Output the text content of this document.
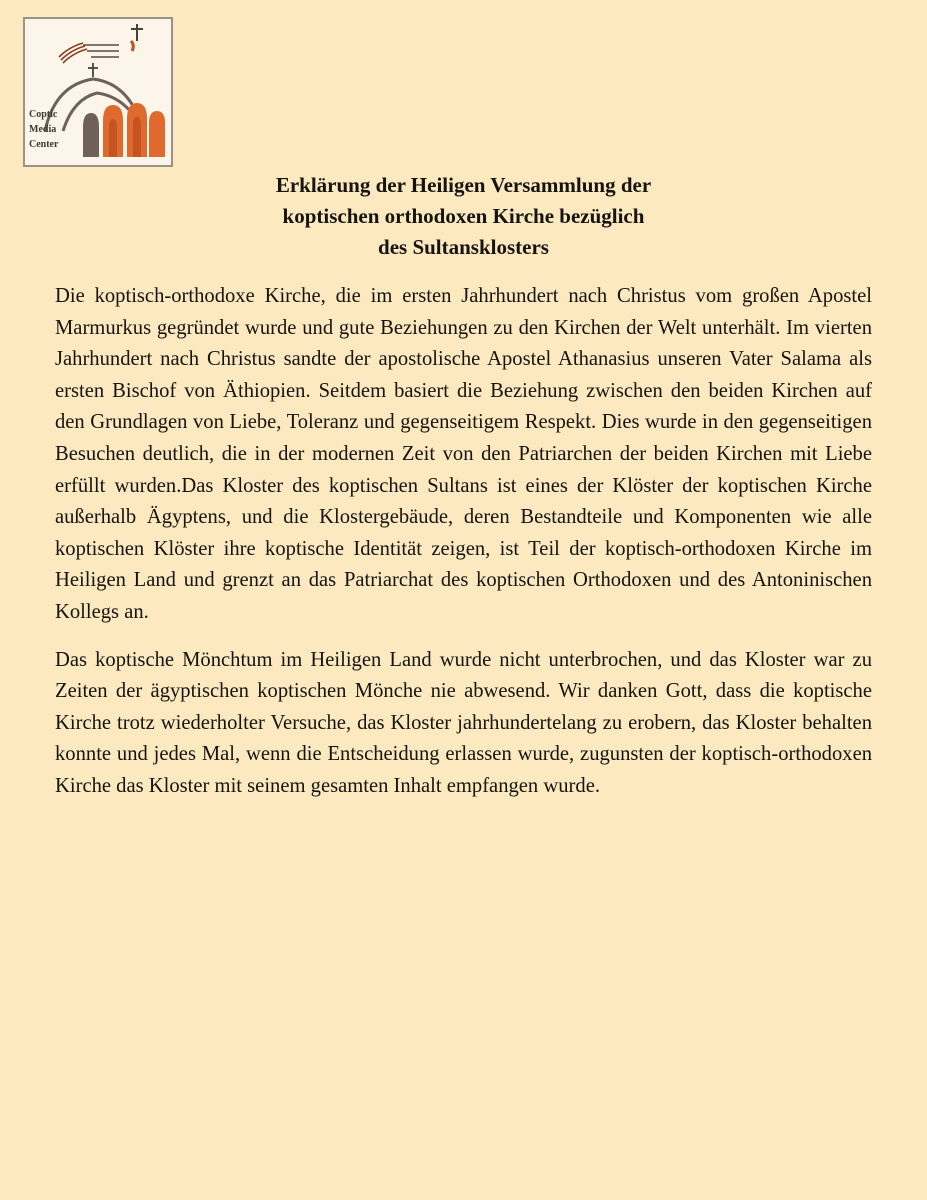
Coptic
Media
Center
Erklärung der Heiligen Versammlung der
koptischen orthodoxen Kirche bezüglich
des Sultansklosters

Die koptisch-orthodoxe Kirche, die im ersten Jahrhundert nach Christus vom großen Apostel Marmurkus gegründet wurde und gute Beziehungen zu den Kirchen der Welt unterhält. Im vierten Jahrhundert nach Christus sandte der apostolische Apostel Athanasius unseren Vater Salama als ersten Bischof von Äthiopien. Seitdem basiert die Beziehung zwischen den beiden Kirchen auf den Grundlagen von Liebe, Toleranz und gegenseitigem Respekt. Dies wurde in den gegenseitigen Besuchen deutlich, die in der modernen Zeit von den Patriarchen der beiden Kirchen mit Liebe erfüllt wurden.Das Kloster des koptischen Sultans ist eines der Klöster der koptischen Kirche außerhalb Ägyptens, und die Klostergebäude, deren Bestandteile und Komponenten wie alle koptischen Klöster ihre koptische Identität zeigen, ist Teil der koptisch-orthodoxen Kirche im Heiligen Land und grenzt an das Patriarchat des koptischen Orthodoxen und des Antoninischen Kollegs an.

Das koptische Mönchtum im Heiligen Land wurde nicht unterbrochen, und das Kloster war zu Zeiten der ägyptischen koptischen Mönche nie abwesend. Wir danken Gott, dass die koptische Kirche trotz wiederholter Versuche, das Kloster jahrhundertelang zu erobern, das Kloster behalten konnte und jedes Mal, wenn die Entscheidung erlassen wurde, zugunsten der koptisch-orthodoxen Kirche das Kloster mit seinem gesamten Inhalt empfangen wurde.
